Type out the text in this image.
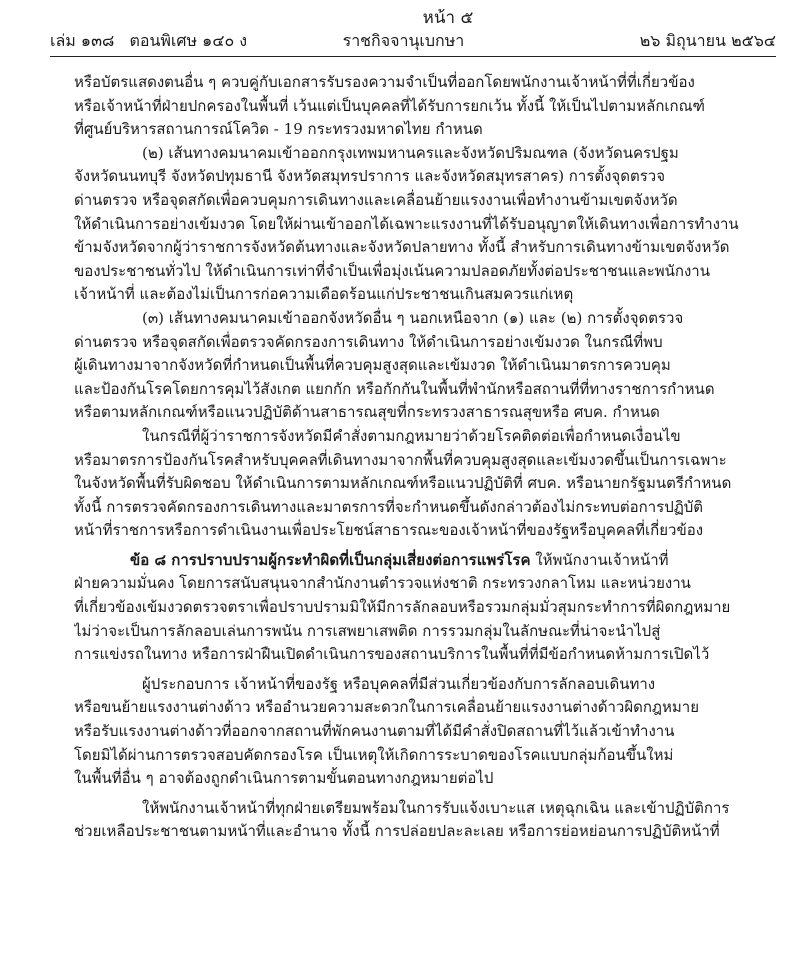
หน้า ๕
เล่ม ๑๓๘ ตอนพิเศษ ๑๔๐ ง	ราชกิจจานุเบกษา	๒๖ มิถุนายน ๒๕๖๔
หรือบัตรแสดงตนอื่น ๆ ควบคู่กับเอกสารรับรองความจำเป็นที่ออกโดยพนักงานเจ้าหน้าที่ที่เกี่ยวข้อง
หรือเจ้าหน้าที่ฝ่ายปกครองในพื้นที่ เว้นแต่เป็นบุคคลที่ได้รับการยกเว้น ทั้งนี้ ให้เป็นไปตามหลักเกณฑ์
ที่ศูนย์บริหารสถานการณ์โควิด - 19 กระทรวงมหาดไทย กำหนด
(๒) เส้นทางคมนาคมเข้าออกกรุงเทพมหานครและจังหวัดปริมณฑล (จังหวัดนครปฐม
จังหวัดนนทบุรี จังหวัดปทุมธานี จังหวัดสมุทรปราการ และจังหวัดสมุทรสาคร) การตั้งจุดตรวจ
ด่านตรวจ หรือจุดสกัดเพื่อควบคุมการเดินทางและเคลื่อนย้ายแรงงานเพื่อทำงานข้ามเขตจังหวัด
ให้ดำเนินการอย่างเข้มงวด โดยให้ผ่านเข้าออกได้เฉพาะแรงงานที่ได้รับอนุญาตให้เดินทางเพื่อการทำงาน
ข้ามจังหวัดจากผู้ว่าราชการจังหวัดต้นทางและจังหวัดปลายทาง ทั้งนี้ สำหรับการเดินทางข้ามเขตจังหวัด
ของประชาชนทั่วไป ให้ดำเนินการเท่าที่จำเป็นเพื่อมุ่งเน้นความปลอดภัยทั้งต่อประชาชนและพนักงาน
เจ้าหน้าที่ และต้องไม่เป็นการก่อความเดือดร้อนแก่ประชาชนเกินสมควรแก่เหตุ
(๓) เส้นทางคมนาคมเข้าออกจังหวัดอื่น ๆ นอกเหนือจาก (๑) และ (๒) การตั้งจุดตรวจ
ด่านตรวจ หรือจุดสกัดเพื่อตรวจคัดกรองการเดินทาง ให้ดำเนินการอย่างเข้มงวด ในกรณีที่พบ
ผู้เดินทางมาจากจังหวัดที่กำหนดเป็นพื้นที่ควบคุมสูงสุดและเข้มงวด ให้ดำเนินมาตรการควบคุม
และป้องกันโรคโดยการคุมไว้สังเกต แยกกัก หรือกักกันในพื้นที่พำนักหรือสถานที่ที่ทางราชการกำหนด
หรือตามหลักเกณฑ์หรือแนวปฏิบัติด้านสาธารณสุขที่กระทรวงสาธารณสุขหรือ ศบค. กำหนด
ในกรณีที่ผู้ว่าราชการจังหวัดมีคำสั่งตามกฎหมายว่าด้วยโรคติดต่อเพื่อกำหนดเงื่อนไข
หรือมาตรการป้องกันโรคสำหรับบุคคลที่เดินทางมาจากพื้นที่ควบคุมสูงสุดและเข้มงวดขึ้นเป็นการเฉพาะ
ในจังหวัดพื้นที่รับผิดชอบ ให้ดำเนินการตามหลักเกณฑ์หรือแนวปฏิบัติที่ ศบค. หรือนายกรัฐมนตรีกำหนด
ทั้งนี้ การตรวจคัดกรองการเดินทางและมาตรการที่จะกำหนดขึ้นดังกล่าวต้องไม่กระทบต่อการปฏิบัติ
หน้าที่ราชการหรือการดำเนินงานเพื่อประโยชน์สาธารณะของเจ้าหน้าที่ของรัฐหรือบุคคลที่เกี่ยวข้อง
ข้อ ๘ การปราบปรามผู้กระทำผิดที่เป็นกลุ่มเสี่ยงต่อการแพร่โรค ให้พนักงานเจ้าหน้าที่
ฝ่ายความมั่นคง โดยการสนับสนุนจากสำนักงานตำรวจแห่งชาติ กระทรวงกลาโหม และหน่วยงาน
ที่เกี่ยวข้องเข้มงวดตรวจตราเพื่อปราบปรามมิให้มีการลักลอบหรือรวมกลุ่มมั่วสุมกระทำการที่ผิดกฎหมาย
ไม่ว่าจะเป็นการลักลอบเล่นการพนัน การเสพยาเสพติด การรวมกลุ่มในลักษณะที่น่าจะนำไปสู่
การแข่งรถในทาง หรือการฝ่าฝืนเปิดดำเนินการของสถานบริการในพื้นที่ที่มีข้อกำหนดห้ามการเปิดไว้
ผู้ประกอบการ เจ้าหน้าที่ของรัฐ หรือบุคคลที่มีส่วนเกี่ยวข้องกับการลักลอบเดินทาง
หรือขนย้ายแรงงานต่างด้าว หรืออำนวยความสะดวกในการเคลื่อนย้ายแรงงานต่างด้าวผิดกฎหมาย
หรือรับแรงงานต่างด้าวที่ออกจากสถานที่พักคนงานตามที่ได้มีคำสั่งปิดสถานที่ไว้แล้วเข้าทำงาน
โดยมิได้ผ่านการตรวจสอบคัดกรองโรค เป็นเหตุให้เกิดการระบาดของโรคแบบกลุ่มก้อนขึ้นใหม่
ในพื้นที่อื่น ๆ อาจต้องถูกดำเนินการตามขั้นตอนทางกฎหมายต่อไป
ให้พนักงานเจ้าหน้าที่ทุกฝ่ายเตรียมพร้อมในการรับแจ้งเบาะแส เหตุฉุกเฉิน และเข้าปฏิบัติการ
ช่วยเหลือประชาชนตามหน้าที่และอำนาจ ทั้งนี้ การปล่อยปละละเลย หรือการย่อหย่อนการปฏิบัติหน้าที่
